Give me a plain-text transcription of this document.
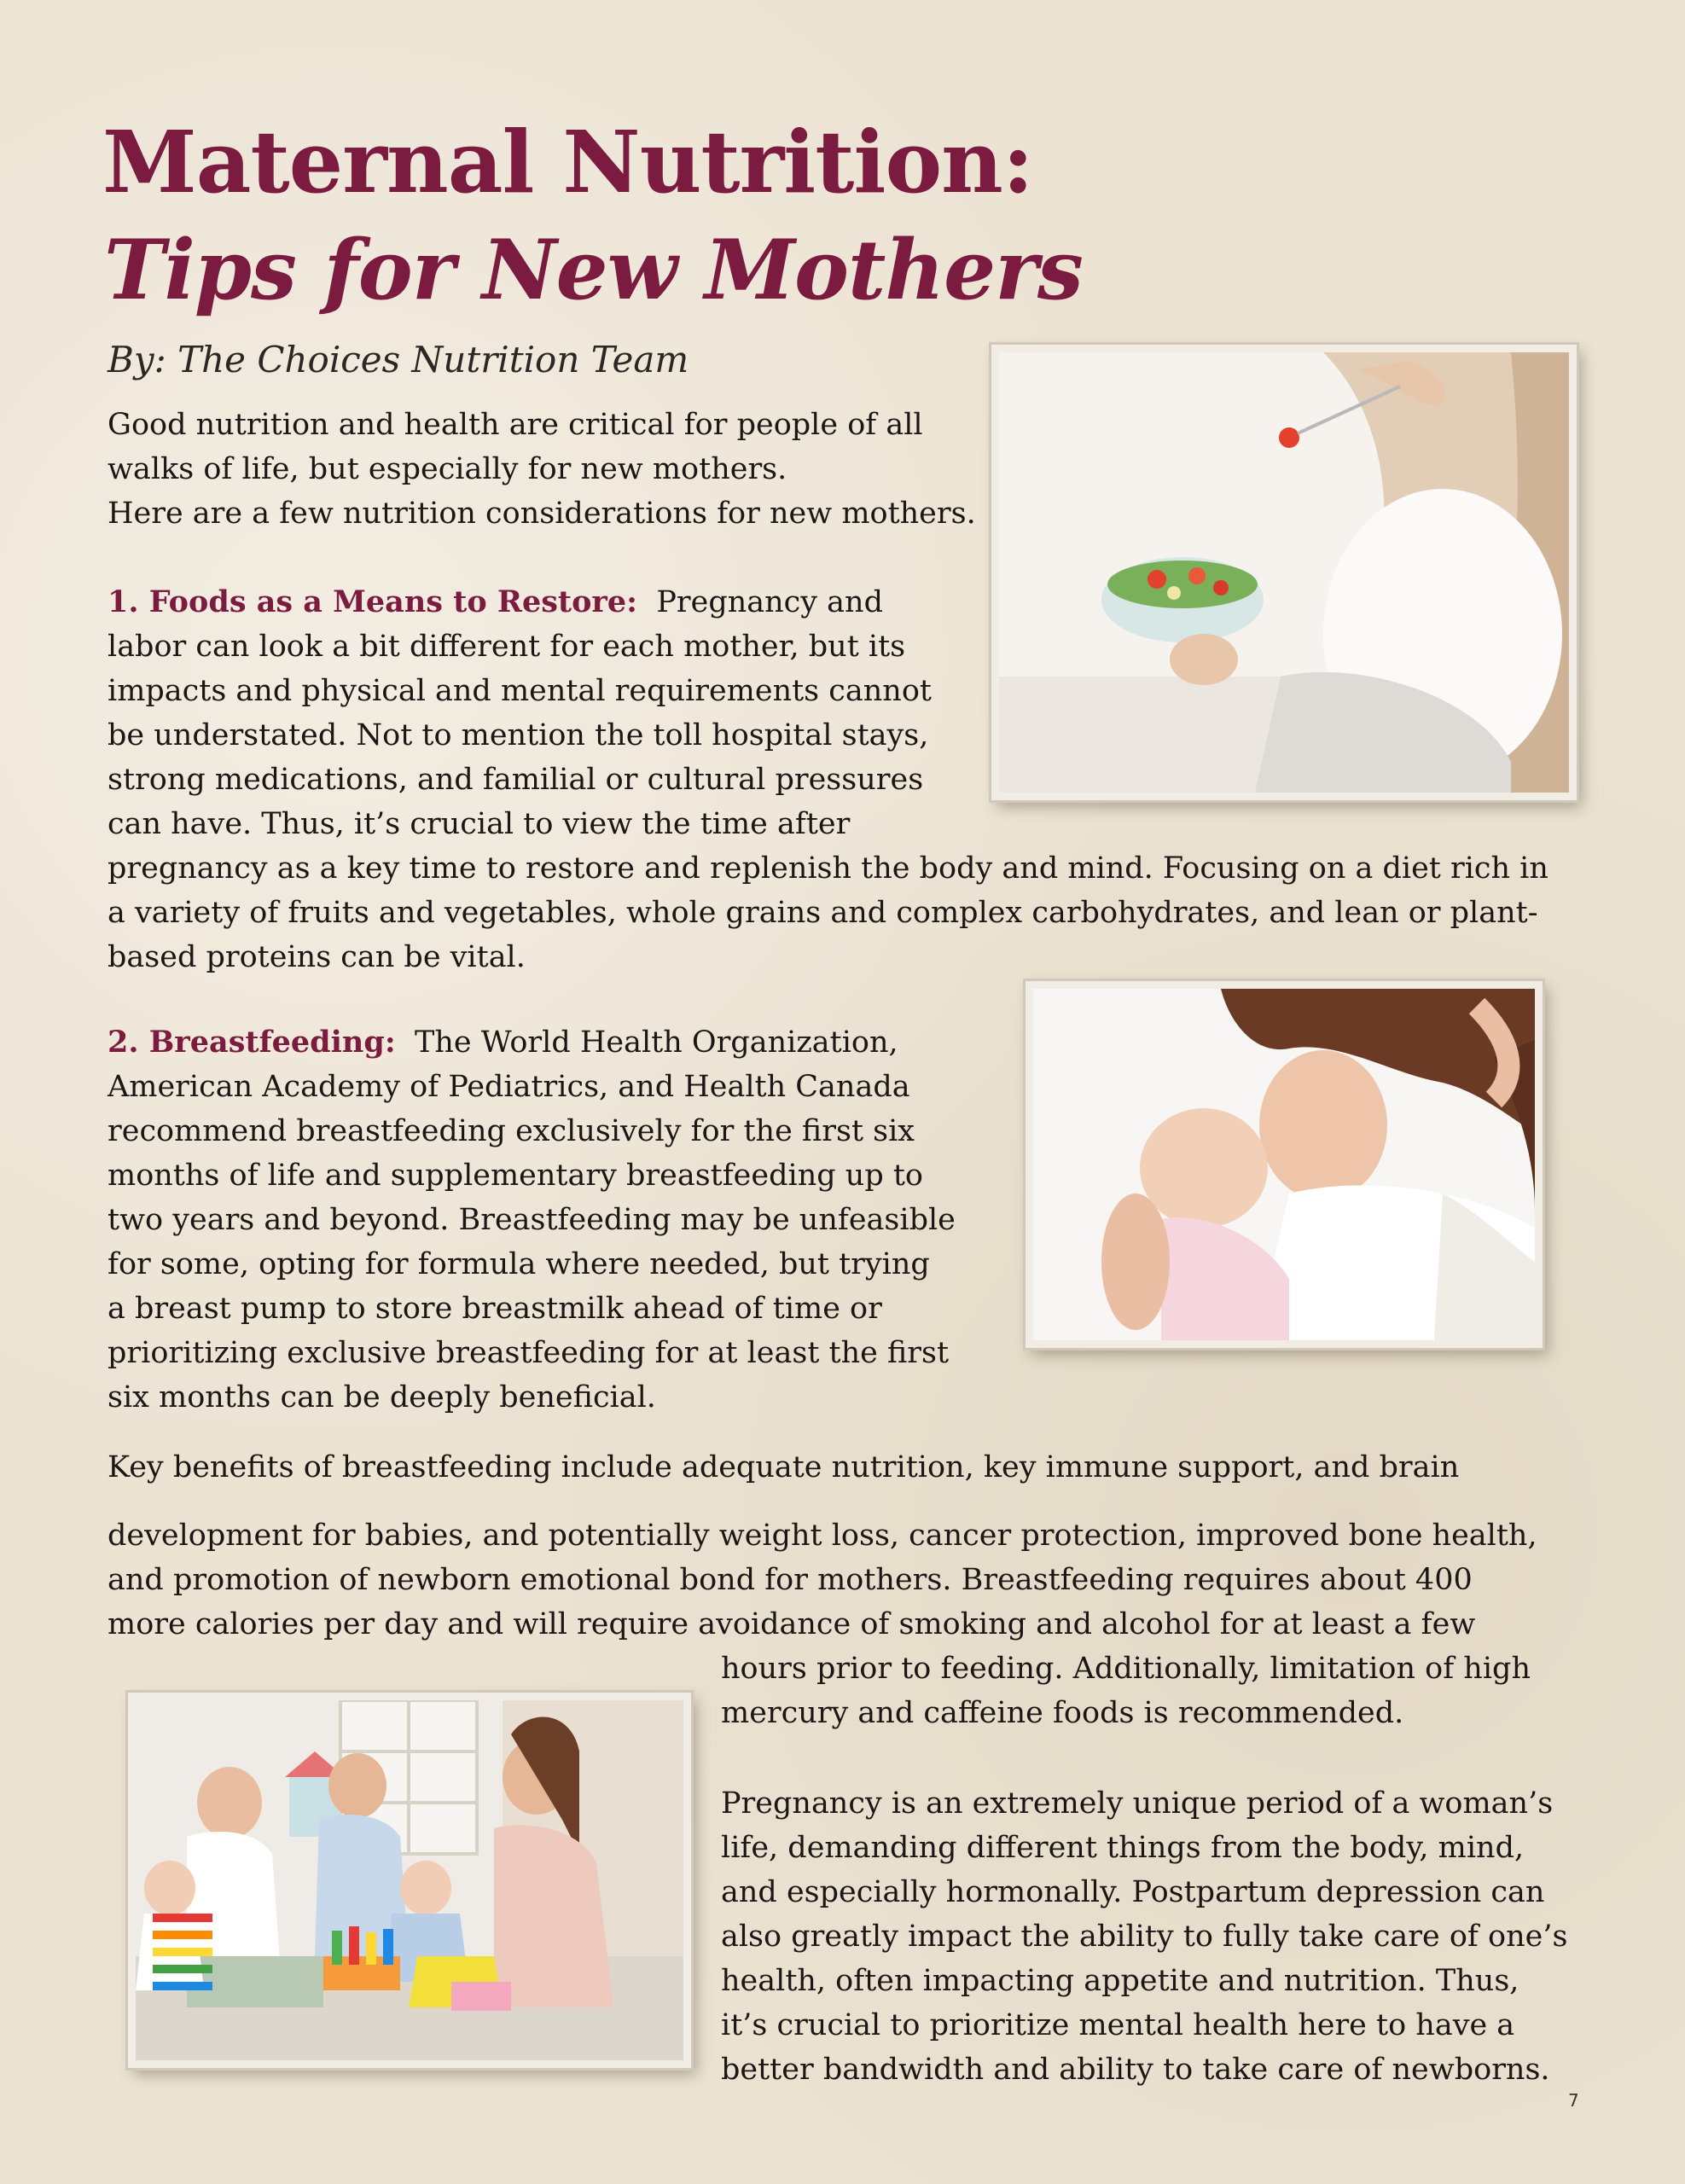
Maternal Nutrition:
Tips for New Mothers
By: The Choices Nutrition Team
Good nutrition and health are critical for people of all
walks of life, but especially for new mothers.
Here are a few nutrition considerations for new mothers.
1. Foods as a Means to Restore: Pregnancy and
labor can look a bit different for each mother, but its
impacts and physical and mental requirements cannot
be understated. Not to mention the toll hospital stays,
strong medications, and familial or cultural pressures
can have. Thus, it’s crucial to view the time after
pregnancy as a key time to restore and replenish the body and mind. Focusing on a diet rich in
a variety of fruits and vegetables, whole grains and complex carbohydrates, and lean or plant-
based proteins can be vital.
2. Breastfeeding: The World Health Organization,
American Academy of Pediatrics, and Health Canada
recommend breastfeeding exclusively for the first six
months of life and supplementary breastfeeding up to
two years and beyond. Breastfeeding may be unfeasible
for some, opting for formula where needed, but trying
a breast pump to store breastmilk ahead of time or
prioritizing exclusive breastfeeding for at least the first
six months can be deeply beneficial.
Key benefits of breastfeeding include adequate nutrition, key immune support, and brain
development for babies, and potentially weight loss, cancer protection, improved bone health,
and promotion of newborn emotional bond for mothers. Breastfeeding requires about 400
more calories per day and will require avoidance of smoking and alcohol for at least a few
hours prior to feeding. Additionally, limitation of high
mercury and caffeine foods is recommended.
Pregnancy is an extremely unique period of a woman’s
life, demanding different things from the body, mind,
and especially hormonally. Postpartum depression can
also greatly impact the ability to fully take care of one’s
health, often impacting appetite and nutrition. Thus,
it’s crucial to prioritize mental health here to have a
better bandwidth and ability to take care of newborns.
7
